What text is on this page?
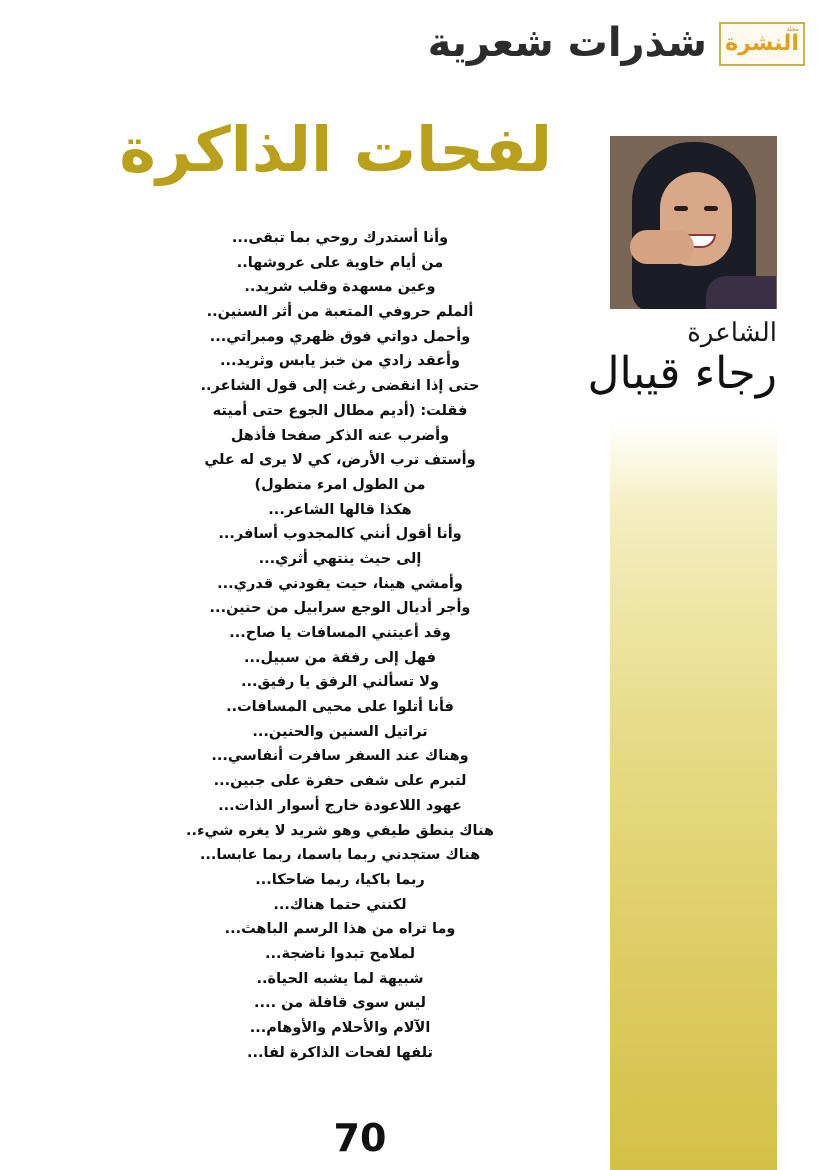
مجلة
النشرة
شذرات شعرية
لفحات الذاكرة
الشاعرة
رجاء قيبال
وأنا أستدرك روحي بما تبقى...
من أيام خاوية على عروشها..
وعين مسهدة وقلب شريد..
ألملم حروفي المتعبة من أثر السنين..
وأحمل دواتي فوق ظهري ومبراتي...
وأعقد زادي من خبز يابس وثريد...
حتى إذا انقضى رغت إلى قول الشاعر..
فقلت: (أديم مطال الجوع حتى أميته
وأضرب عنه الذكر صفحا فأذهل
وأستف ترب الأرض، كي لا يرى له علي
من الطول امرء متطول)
هكذا قالها الشاعر...
وأنا أقول أنني كالمجدوب أسافر...
إلى حيث ينتهي أثري...
وأمشي هينا، حيت يقودني قدري...
وأجر أديال الوجع سرابيل من حنين...
وقد أعيتني المسافات يا صاح...
فهل إلى رفقة من سبيل...
ولا تسألني الرفق يا رفيق...
فأنا أتلوا على محيى المسافات..
تراتيل السنين والحنين...
وهناك عند السفر سافرت أنفاسي...
لتبرم على شفى حفرة على جبين...
عهود اللاعودة خارج أسوار الذات...
هناك ينطق طيفي وهو شريد لا يغره شيء..
هناك ستجدني ربما باسما، ربما عابسا...
ربما باكيا، ربما ضاحكا...
لكنني حتما هناك...
وما تراه من هذا الرسم الباهث...
لملامح تبدوا ناضجة...
شبيهة لما يشبه الحياة..
ليس سوى قافلة من ....
الآلام والأحلام والأوهام...
تلفها لفحات الذاكرة لفا...
70
